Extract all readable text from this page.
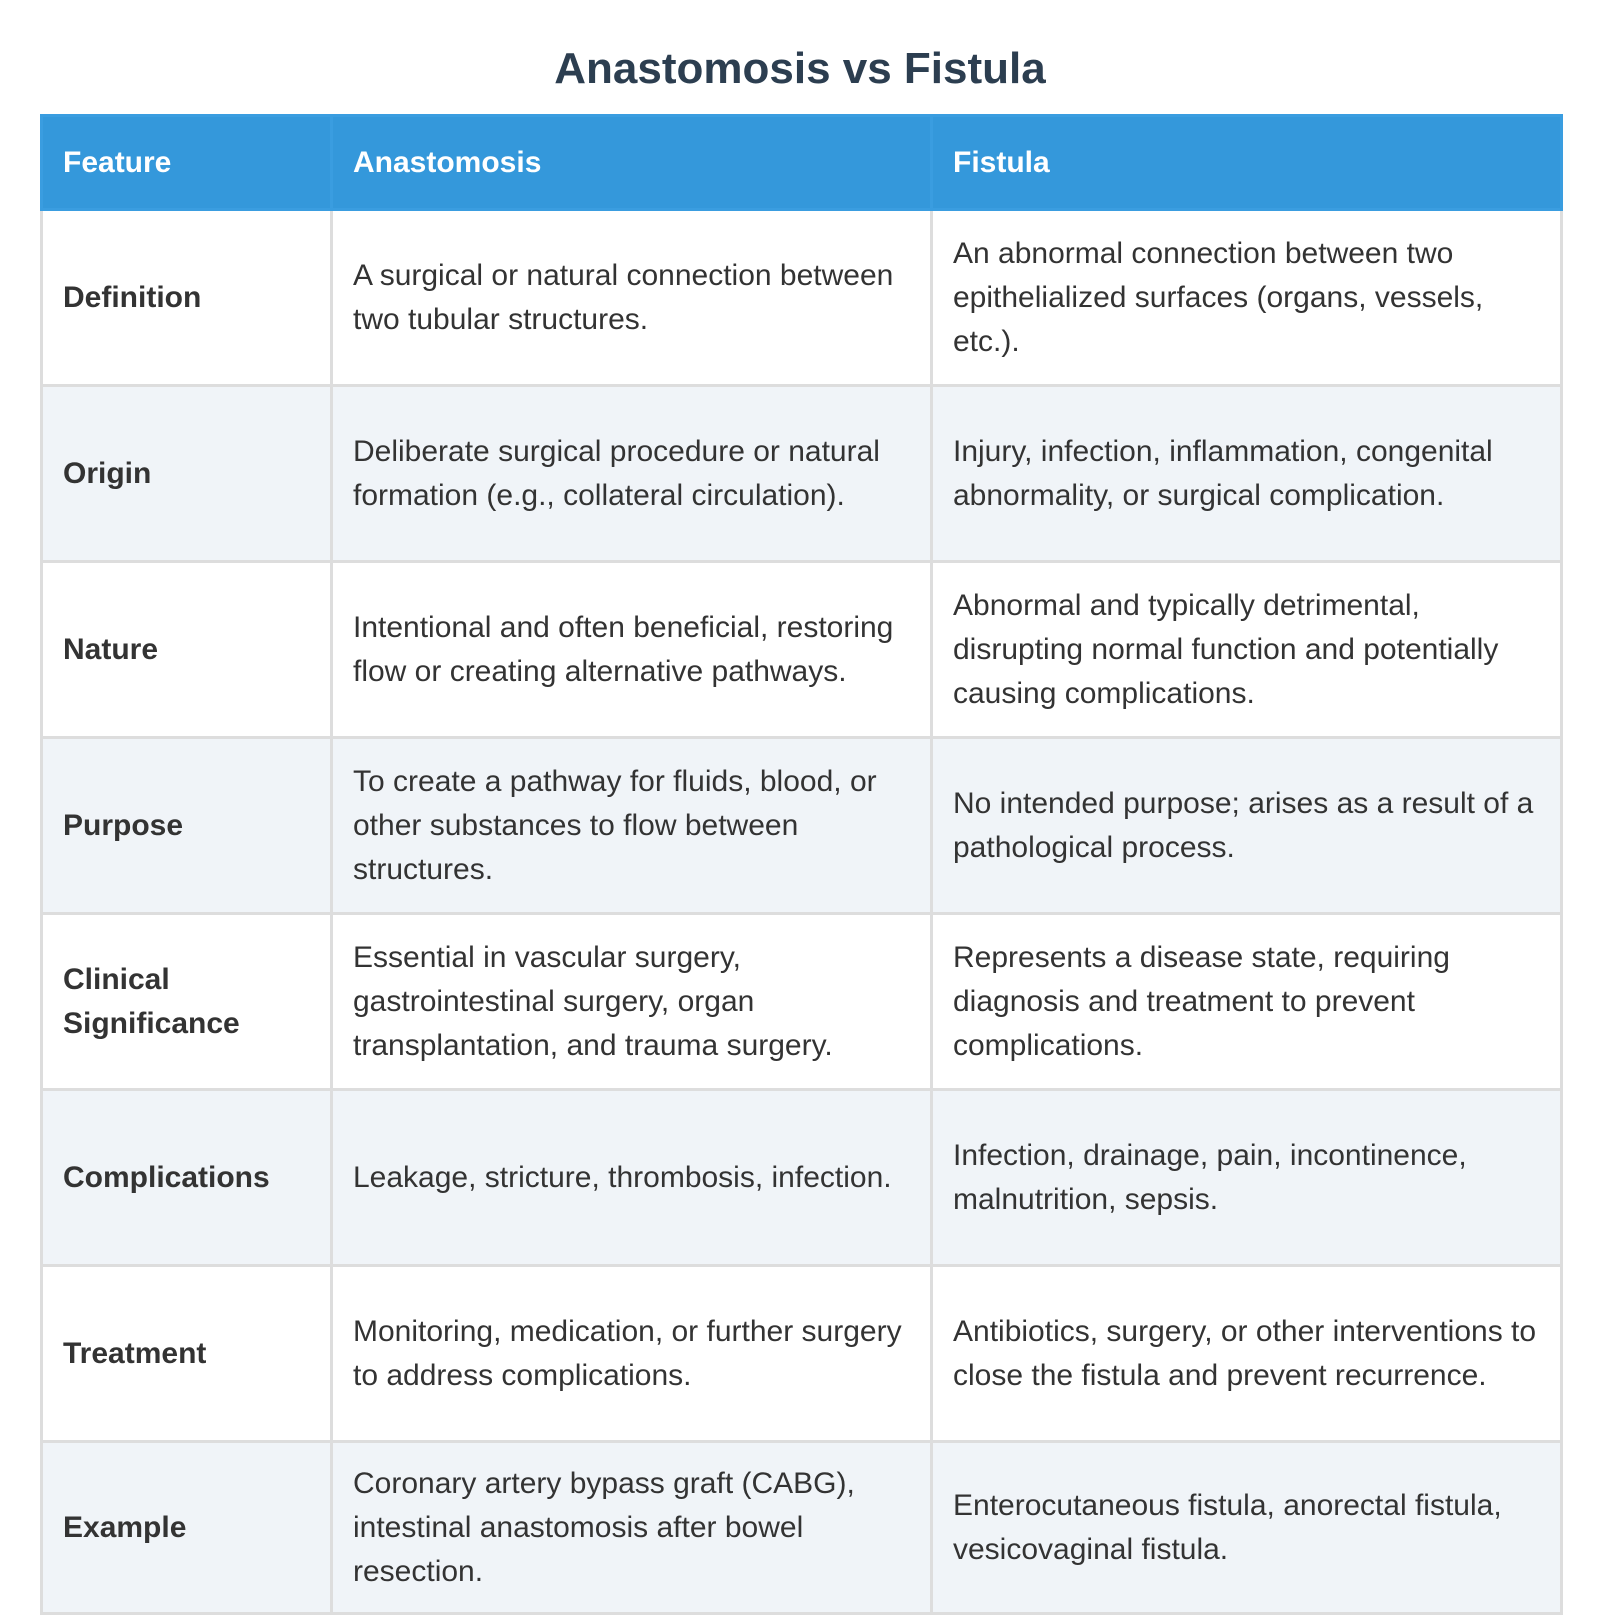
Anastomosis vs Fistula
Feature	Anastomosis	Fistula
Definition	A surgical or natural connection between two tubular structures.	An abnormal connection between two epithelialized surfaces (organs, vessels, etc.).
Origin	Deliberate surgical procedure or natural formation (e.g., collateral circulation).	Injury, infection, inflammation, congenital abnormality, or surgical complication.
Nature	Intentional and often beneficial, restoring flow or creating alternative pathways.	Abnormal and typically detrimental, disrupting normal function and potentially causing complications.
Purpose	To create a pathway for fluids, blood, or other substances to flow between structures.	No intended purpose; arises as a result of a pathological process.
Clinical Significance	Essential in vascular surgery, gastrointestinal surgery, organ transplantation, and trauma surgery.	Represents a disease state, requiring diagnosis and treatment to prevent complications.
Complications	Leakage, stricture, thrombosis, infection.	Infection, drainage, pain, incontinence, malnutrition, sepsis.
Treatment	Monitoring, medication, or further surgery to address complications.	Antibiotics, surgery, or other interventions to close the fistula and prevent recurrence.
Example	Coronary artery bypass graft (CABG), intestinal anastomosis after bowel resection.	Enterocutaneous fistula, anorectal fistula, vesicovaginal fistula.
